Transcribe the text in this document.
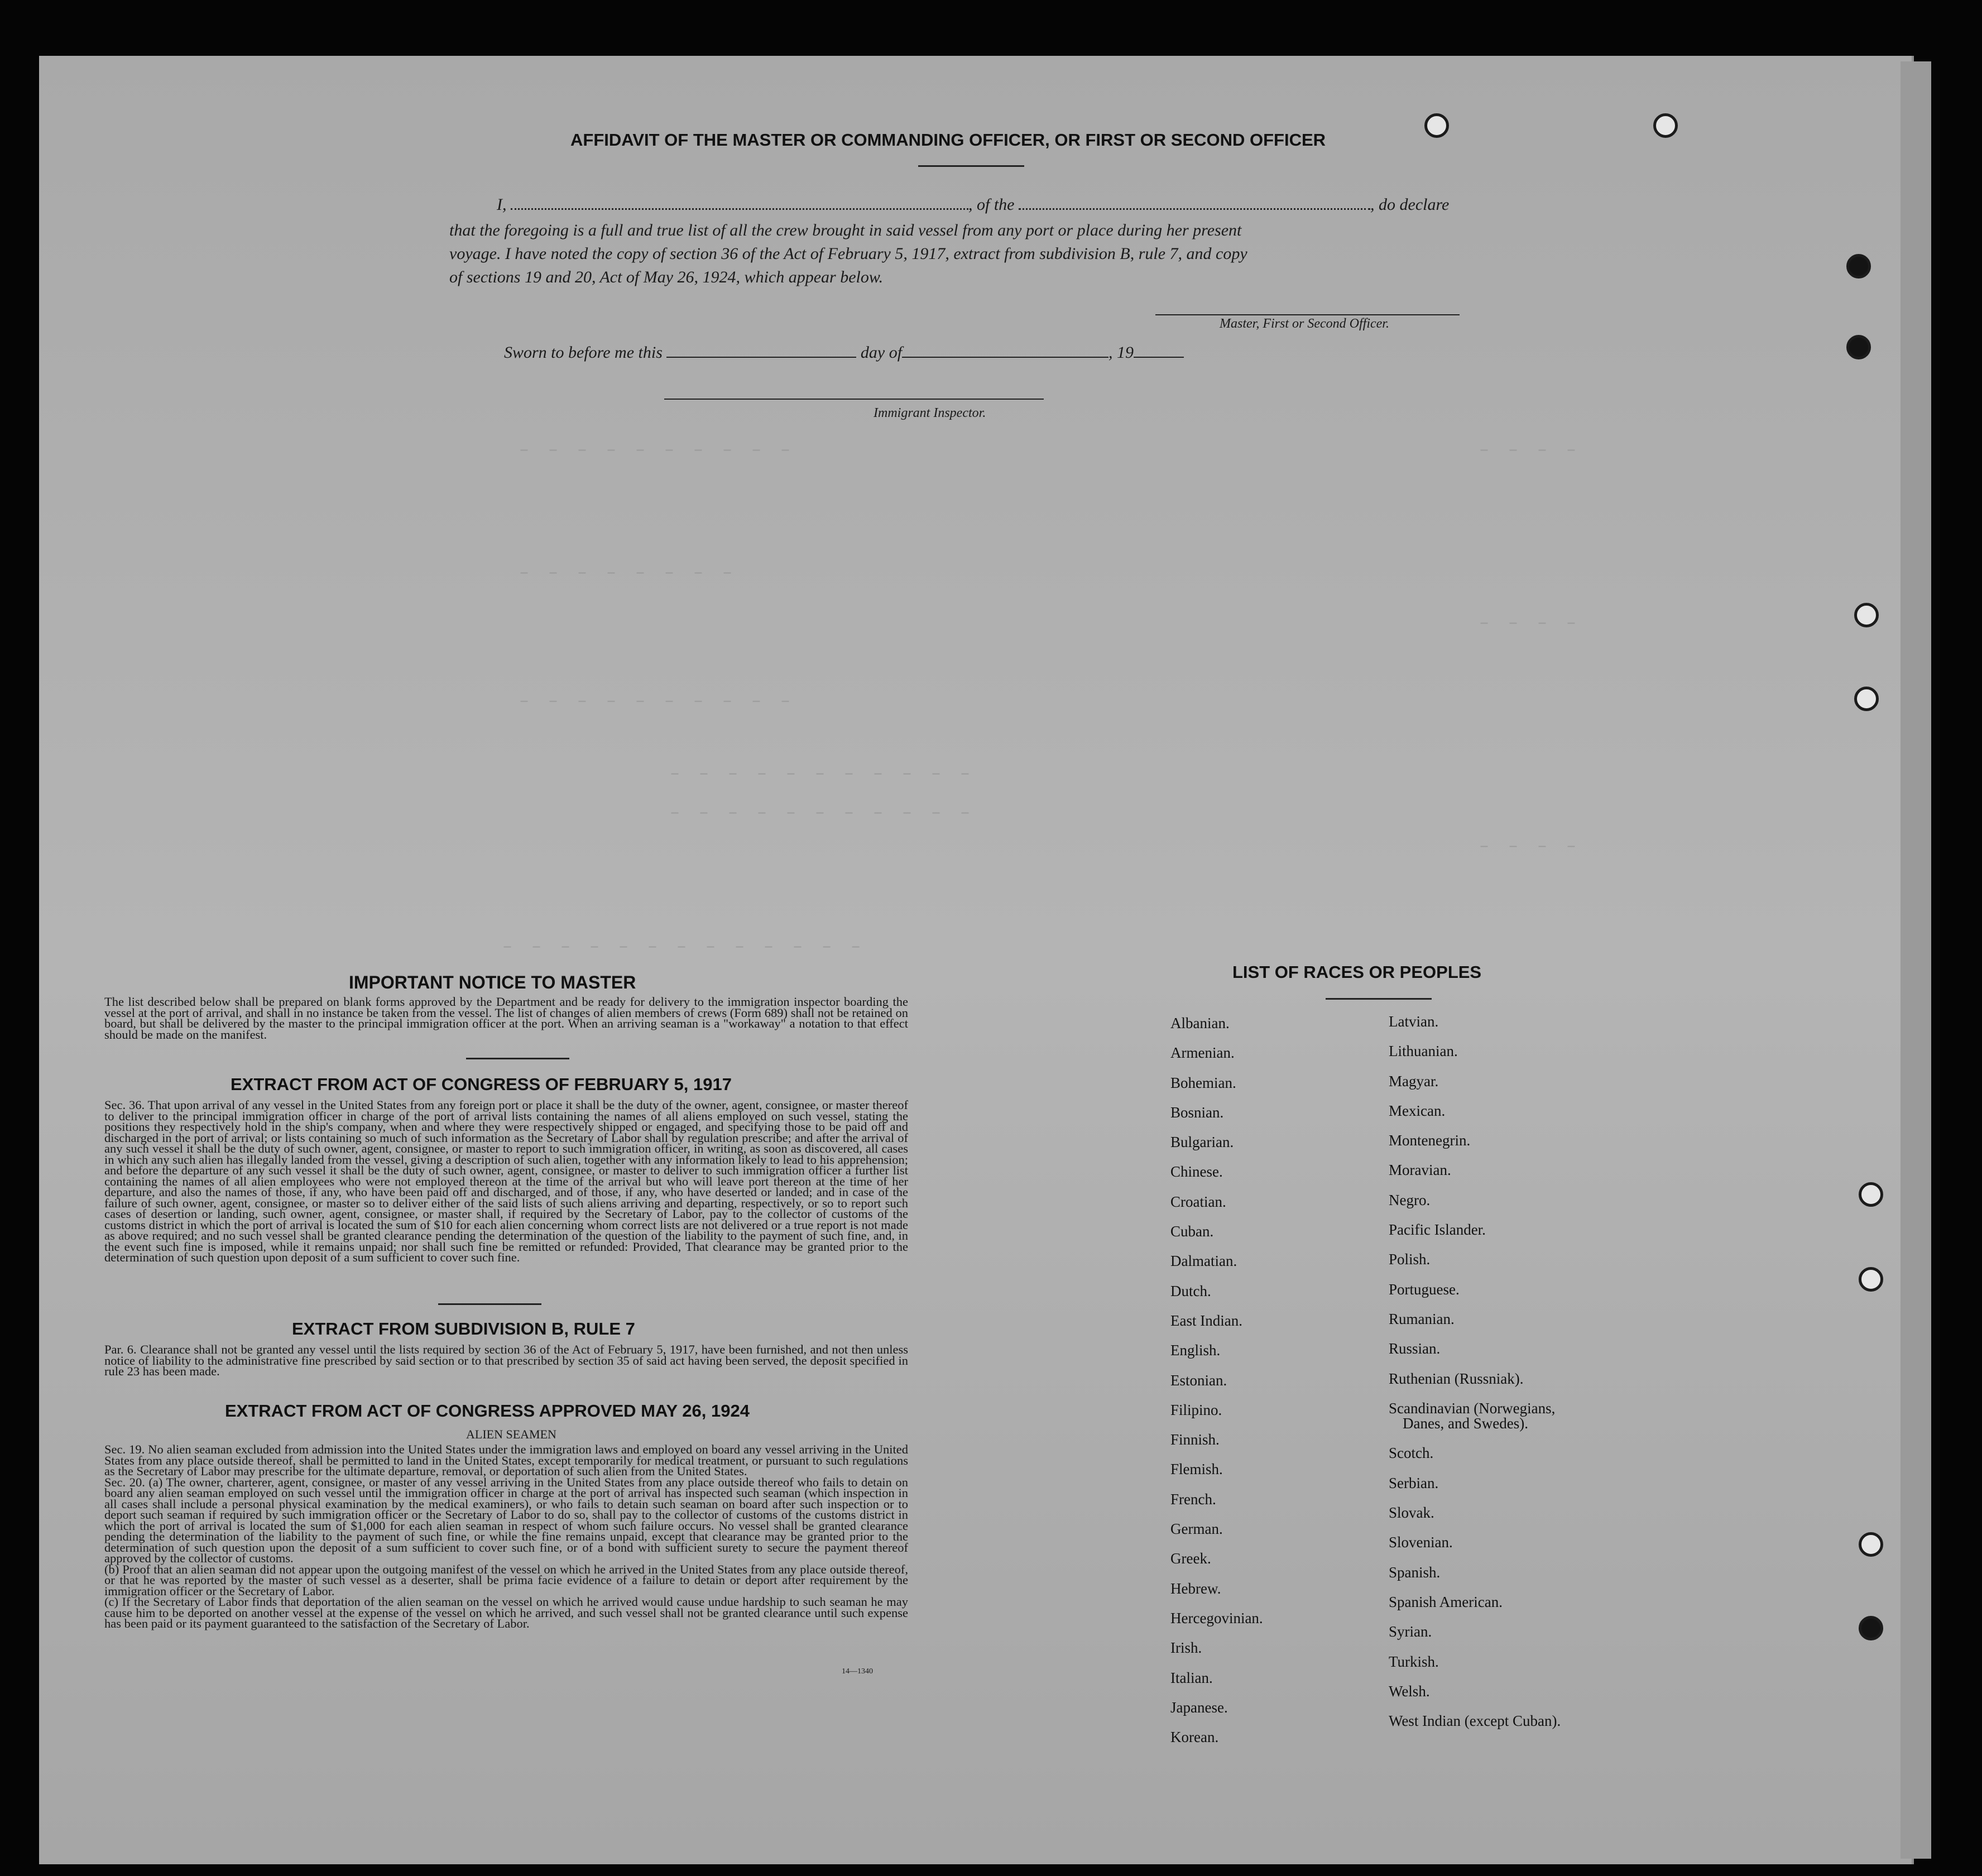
– – – – – – – – – –
– – – – – – – –
– – – – – – – – – –
– – – – – – – – – – –
– – – – – – – – – – –
– – – – – – – – – – – – –
– – – –
– – – –
– – – –
AFFIDAVIT OF THE MASTER OR COMMANDING OFFICER, OR FIRST OR SECOND OFFICER
I,	, of the	, do declare
that the foregoing is a full and true list of all the crew brought in said vessel from any port or place during her present
voyage. I have noted the copy of section 36 of the Act of February 5, 1917, extract from subdivision B, rule 7, and copy
of sections 19 and 20, Act of May 26, 1924, which appear below.
Master, First or Second Officer.
Sworn to before me this	day of	, 19
Immigrant Inspector.
IMPORTANT NOTICE TO MASTER
The list described below shall be prepared on blank forms approved by the Department and be ready for delivery to the immigration inspector boarding the vessel at the port of arrival, and shall in no instance be taken from the vessel. The list of changes of alien members of crews (Form 689) shall not be retained on board, but shall be delivered by the master to the principal immigration officer at the port. When an arriving seaman is a "workaway" a notation to that effect should be made on the manifest.
EXTRACT FROM ACT OF CONGRESS OF FEBRUARY 5, 1917
Sec. 36. That upon arrival of any vessel in the United States from any foreign port or place it shall be the duty of the owner, agent, consignee, or master thereof to deliver to the principal immigration officer in charge of the port of arrival lists containing the names of all aliens employed on such vessel, stating the positions they respectively hold in the ship's company, when and where they were respectively shipped or engaged, and specifying those to be paid off and discharged in the port of arrival; or lists containing so much of such information as the Secretary of Labor shall by regulation prescribe; and after the arrival of any such vessel it shall be the duty of such owner, agent, consignee, or master to report to such immigration officer, in writing, as soon as discovered, all cases in which any such alien has illegally landed from the vessel, giving a description of such alien, together with any information likely to lead to his apprehension; and before the departure of any such vessel it shall be the duty of such owner, agent, consignee, or master to deliver to such immigration officer a further list containing the names of all alien employees who were not employed thereon at the time of the arrival but who will leave port thereon at the time of her departure, and also the names of those, if any, who have been paid off and discharged, and of those, if any, who have deserted or landed; and in case of the failure of such owner, agent, consignee, or master so to deliver either of the said lists of such aliens arriving and departing, respectively, or so to report such cases of desertion or landing, such owner, agent, consignee, or master shall, if required by the Secretary of Labor, pay to the collector of customs of the customs district in which the port of arrival is located the sum of $10 for each alien concerning whom correct lists are not delivered or a true report is not made as above required; and no such vessel shall be granted clearance pending the determination of the question of the liability to the payment of such fine, and, in the event such fine is imposed, while it remains unpaid; nor shall such fine be remitted or refunded: Provided, That clearance may be granted prior to the determination of such question upon deposit of a sum sufficient to cover such fine.
EXTRACT FROM SUBDIVISION B, RULE 7
Par. 6. Clearance shall not be granted any vessel until the lists required by section 36 of the Act of February 5, 1917, have been furnished, and not then unless notice of liability to the administrative fine prescribed by said section or to that prescribed by section 35 of said act having been served, the deposit specified in rule 23 has been made.
EXTRACT FROM ACT OF CONGRESS APPROVED MAY 26, 1924
ALIEN SEAMEN
Sec. 19. No alien seaman excluded from admission into the United States under the immigration laws and employed on board any vessel arriving in the United States from any place outside thereof, shall be permitted to land in the United States, except temporarily for medical treatment, or pursuant to such regulations as the Secretary of Labor may prescribe for the ultimate departure, removal, or deportation of such alien from the United States.
Sec. 20. (a) The owner, charterer, agent, consignee, or master of any vessel arriving in the United States from any place outside thereof who fails to detain on board any alien seaman employed on such vessel until the immigration officer in charge at the port of arrival has inspected such seaman (which inspection in all cases shall include a personal physical examination by the medical examiners), or who fails to detain such seaman on board after such inspection or to deport such seaman if required by such immigration officer or the Secretary of Labor to do so, shall pay to the collector of customs of the customs district in which the port of arrival is located the sum of $1,000 for each alien seaman in respect of whom such failure occurs. No vessel shall be granted clearance pending the determination of the liability to the payment of such fine, or while the fine remains unpaid, except that clearance may be granted prior to the determination of such question upon the deposit of a sum sufficient to cover such fine, or of a bond with sufficient surety to secure the payment thereof approved by the collector of customs.
(b) Proof that an alien seaman did not appear upon the outgoing manifest of the vessel on which he arrived in the United States from any place outside thereof, or that he was reported by the master of such vessel as a deserter, shall be prima facie evidence of a failure to detain or deport after requirement by the immigration officer or the Secretary of Labor.
(c) If the Secretary of Labor finds that deportation of the alien seaman on the vessel on which he arrived would cause undue hardship to such seaman he may cause him to be deported on another vessel at the expense of the vessel on which he arrived, and such vessel shall not be granted clearance until such expense has been paid or its payment guaranteed to the satisfaction of the Secretary of Labor.
14—1340
LIST OF RACES OR PEOPLES
Albanian.
Armenian.
Bohemian.
Bosnian.
Bulgarian.
Chinese.
Croatian.
Cuban.
Dalmatian.
Dutch.
East Indian.
English.
Estonian.
Filipino.
Finnish.
Flemish.
French.
German.
Greek.
Hebrew.
Hercegovinian.
Irish.
Italian.
Japanese.
Korean.
Latvian.
Lithuanian.
Magyar.
Mexican.
Montenegrin.
Moravian.
Negro.
Pacific Islander.
Polish.
Portuguese.
Rumanian.
Russian.
Ruthenian (Russniak).
Scandinavian (Norwegians,
Danes, and Swedes).
Scotch.
Serbian.
Slovak.
Slovenian.
Spanish.
Spanish American.
Syrian.
Turkish.
Welsh.
West Indian (except Cuban).
